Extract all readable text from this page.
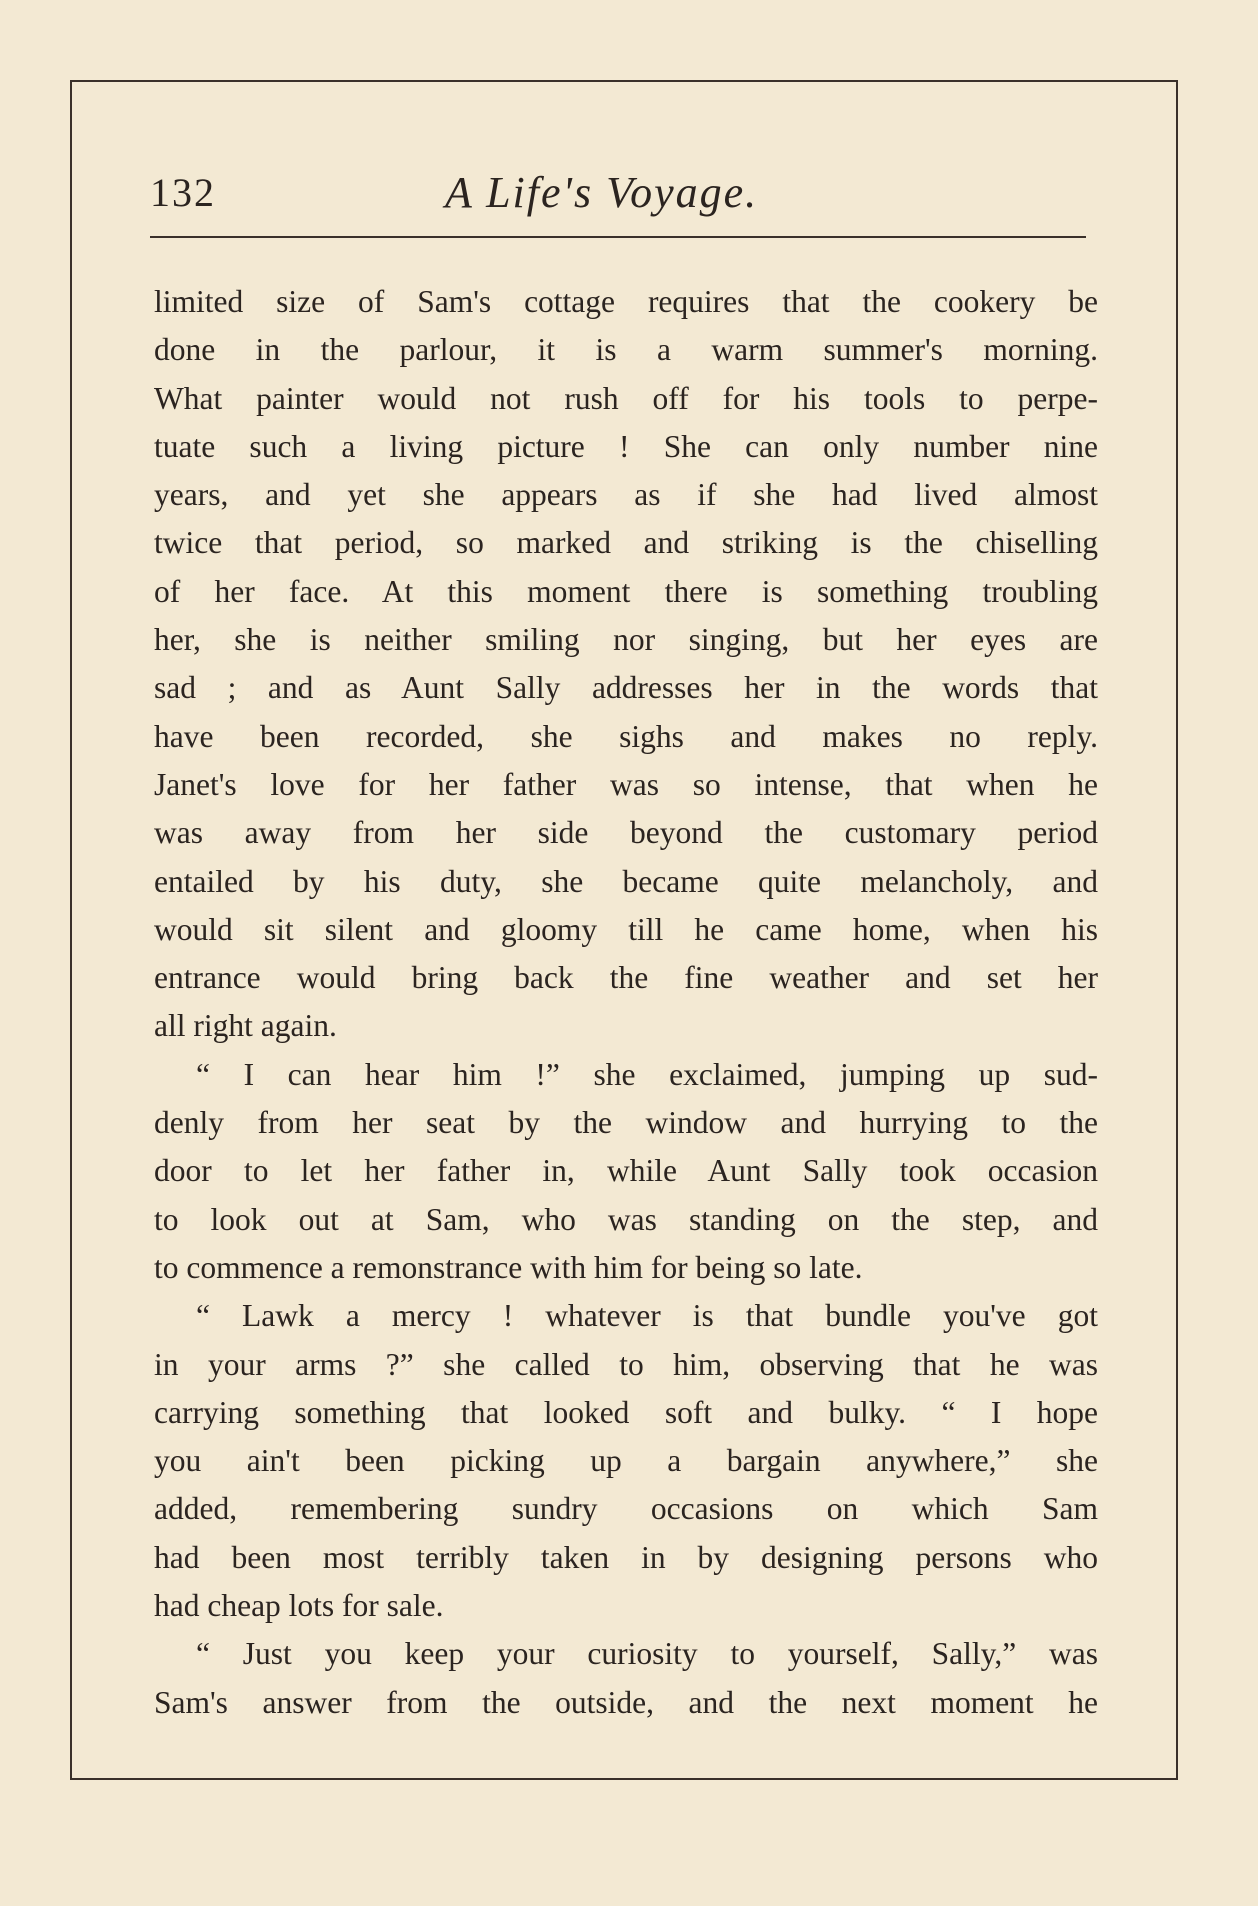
132	A Life's Voyage.
limited size of Sam's cottage requires that the cookery be
done in the parlour, it is a warm summer's morning.
What painter would not rush off for his tools to perpe-
tuate such a living picture ! She can only number nine
years, and yet she appears as if she had lived almost
twice that period, so marked and striking is the chiselling
of her face. At this moment there is something troubling
her, she is neither smiling nor singing, but her eyes are
sad ; and as Aunt Sally addresses her in the words that
have been recorded, she sighs and makes no reply.
Janet's love for her father was so intense, that when he
was away from her side beyond the customary period
entailed by his duty, she became quite melancholy, and
would sit silent and gloomy till he came home, when his
entrance would bring back the fine weather and set her
all right again.
“ I can hear him !” she exclaimed, jumping up sud-
denly from her seat by the window and hurrying to the
door to let her father in, while Aunt Sally took occasion
to look out at Sam, who was standing on the step, and
to commence a remonstrance with him for being so late.
“ Lawk a mercy ! whatever is that bundle you've got
in your arms ?” she called to him, observing that he was
carrying something that looked soft and bulky. “ I hope
you ain't been picking up a bargain anywhere,” she
added, remembering sundry occasions on which Sam
had been most terribly taken in by designing persons who
had cheap lots for sale.
“ Just you keep your curiosity to yourself, Sally,” was
Sam's answer from the outside, and the next moment he
